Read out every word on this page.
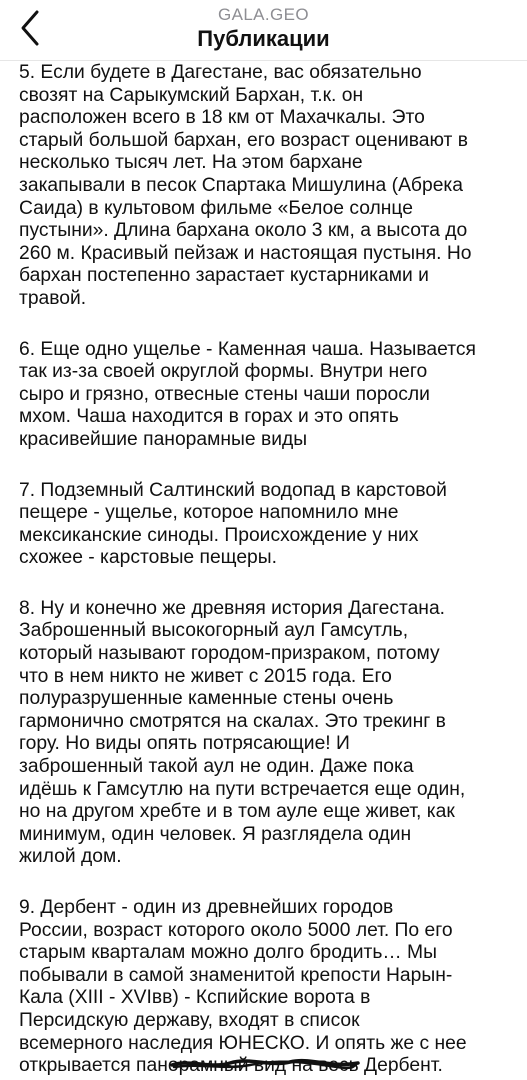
GALA.GEO
Публикации

5. Если будете в Дагестане, вас обязательно
свозят на Сарыкумский Бархан, т.к. он
расположен всего в 18 км от Махачкалы. Это
старый большой бархан, его возраст оценивают в
несколько тысяч лет. На этом бархане
закапывали в песок Спартака Мишулина (Абрека
Саида) в культовом фильме «Белое солнце
пустыни». Длина бархана около 3 км, а высота до
260 м. Красивый пейзаж и настоящая пустыня. Но
бархан постепенно зарастает кустарниками и
травой.

6. Еще одно ущелье - Каменная чаша. Называется
так из-за своей округлой формы. Внутри него
сыро и грязно, отвесные стены чаши поросли
мхом. Чаша находится в горах и это опять
красивейшие панорамные виды

7. Подземный Салтинский водопад в карстовой
пещере - ущелье, которое напомнило мне
мексиканские синоды. Происхождение у них
схожее - карстовые пещеры.

8. Ну и конечно же древняя история Дагестана.
Заброшенный высокогорный аул Гамсутль,
который называют городом-призраком, потому
что в нем никто не живет с 2015 года. Его
полуразрушенные каменные стены очень
гармонично смотрятся на скалах. Это трекинг в
гору. Но виды опять потрясающие! И
заброшенный такой аул не один. Даже пока
идёшь к Гамсутлю на пути встречается еще один,
но на другом хребте и в том ауле еще живет, как
минимум, один человек. Я разглядела один
жилой дом.

9. Дербент - один из древнейших городов
России, возраст которого около 5000 лет. По его
старым кварталам можно долго бродить… Мы
побывали в самой знаменитой крепости Нарын-
Кала (XIII - XVIвв) - Кспийские ворота в
Персидскую державу, входят в список
всемерного наследия ЮНЕСКО. И опять же с нее
открывается панорамный вид на весь Дербент.
